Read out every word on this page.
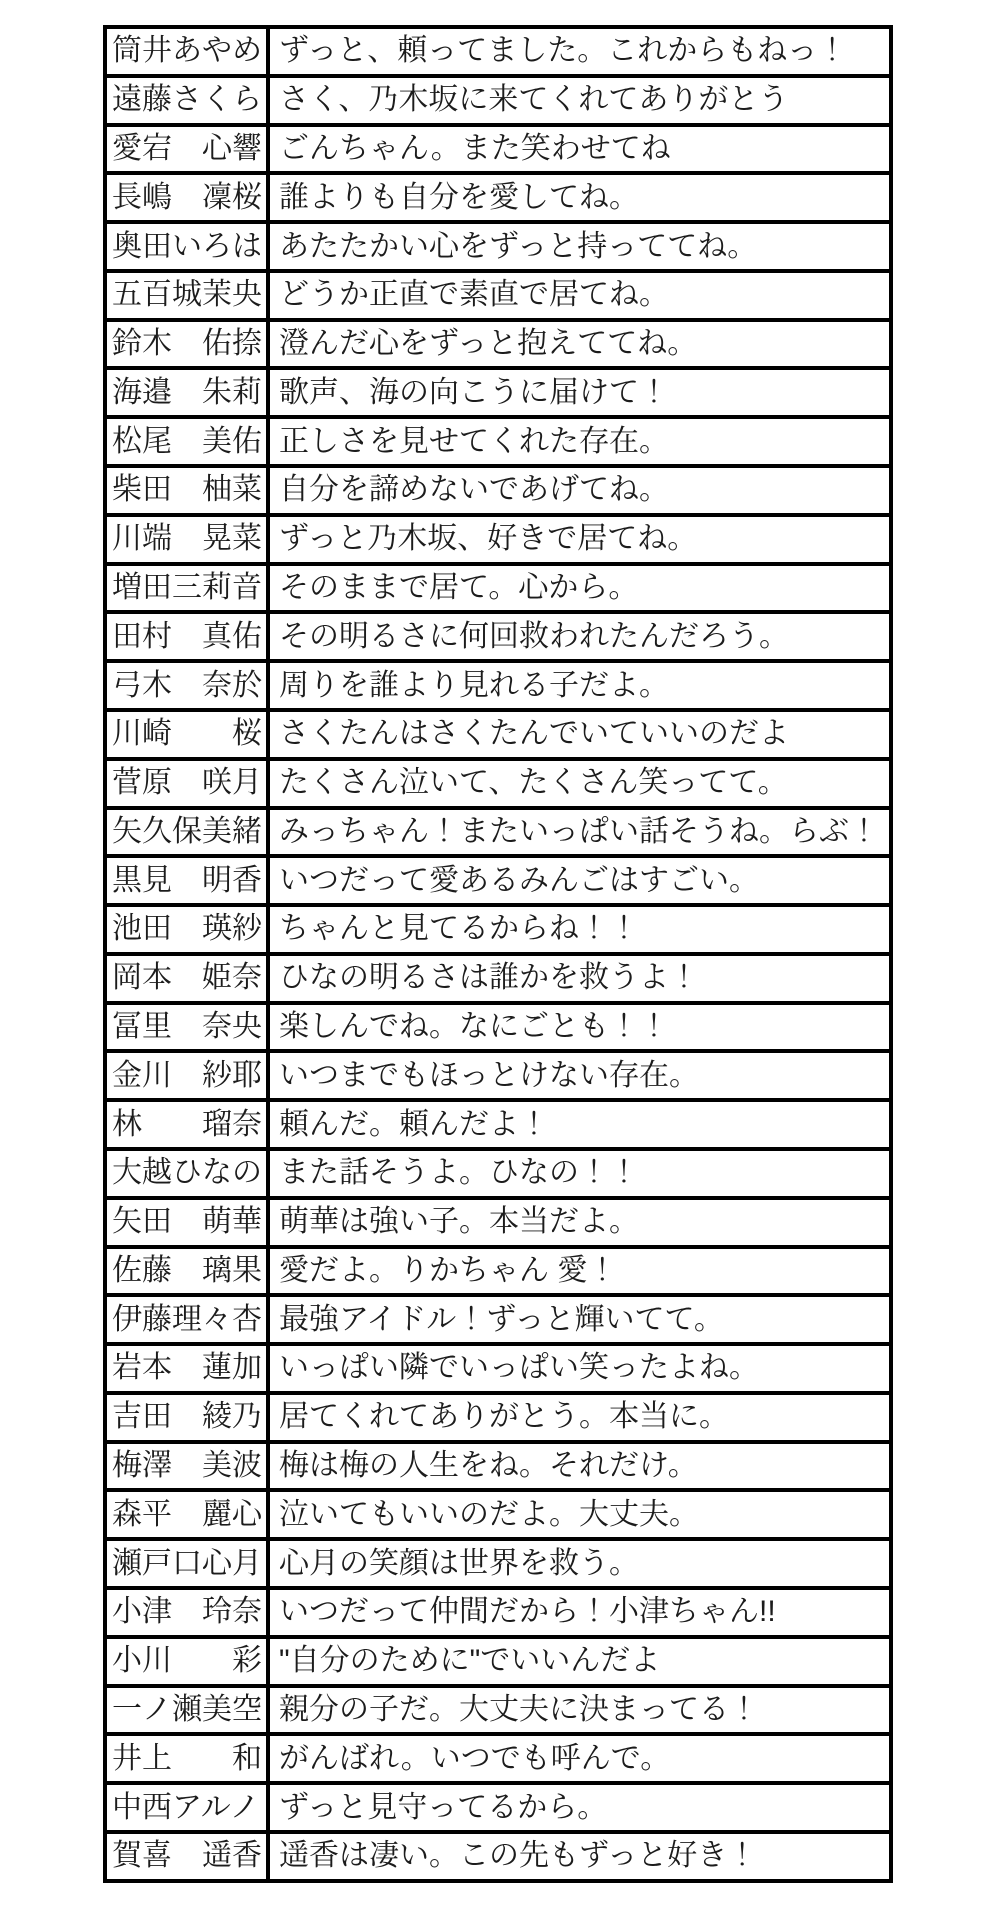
筒井あやめ	ずっと、頼ってました。これからもねっ！
遠藤さくら	さく、乃木坂に来てくれてありがとう
愛宕　心響	ごんちゃん。また笑わせてね
長嶋　凜桜	誰よりも自分を愛してね。
奥田いろは	あたたかい心をずっと持っててね。
五百城茉央	どうか正直で素直で居てね。
鈴木　佑捺	澄んだ心をずっと抱えててね。
海邉　朱莉	歌声、海の向こうに届けて！
松尾　美佑	正しさを見せてくれた存在。
柴田　柚菜	自分を諦めないであげてね。
川端　晃菜	ずっと乃木坂、好きで居てね。
増田三莉音	そのままで居て。心から。
田村　真佑	その明るさに何回救われたんだろう。
弓木　奈於	周りを誰より見れる子だよ。
川崎　　桜	さくたんはさくたんでいていいのだよ
菅原　咲月	たくさん泣いて、たくさん笑ってて。
矢久保美緒	みっちゃん！またいっぱい話そうね。らぶ！
黒見　明香	いつだって愛あるみんごはすごい。
池田　瑛紗	ちゃんと見てるからね！！
岡本　姫奈	ひなの明るさは誰かを救うよ！
冨里　奈央	楽しんでね。なにごとも！！
金川　紗耶	いつまでもほっとけない存在。
林　　瑠奈	頼んだ。頼んだよ！
大越ひなの	また話そうよ。ひなの！！
矢田　萌華	萌華は強い子。本当だよ。
佐藤　璃果	愛だよ。りかちゃん 愛！
伊藤理々杏	最強アイドル！ずっと輝いてて。
岩本　蓮加	いっぱい隣でいっぱい笑ったよね。
吉田　綾乃	居てくれてありがとう。本当に。
梅澤　美波	梅は梅の人生をね。それだけ。
森平　麗心	泣いてもいいのだよ。大丈夫。
瀬戸口心月	心月の笑顔は世界を救う。
小津　玲奈	いつだって仲間だから！小津ちゃん!!
小川　　彩	"自分のために"でいいんだよ
一ノ瀬美空	親分の子だ。大丈夫に決まってる！
井上　　和	がんばれ。いつでも呼んで。
中西アルノ	ずっと見守ってるから。
賀喜　遥香	遥香は凄い。この先もずっと好き！
